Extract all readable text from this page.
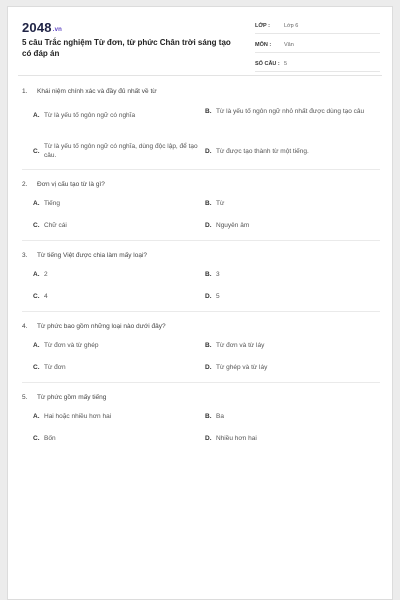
2048.vn
5 câu Trắc nghiệm Từ đơn, từ phức Chân trời sáng tạo có đáp án
LỚP :	Lớp 6
MÔN :	Văn
SỐ CÂU : 5
1.	Khái niệm chính xác và đầy đủ nhất về từ
A. Từ là yếu tố ngôn ngữ có nghĩa
B. Từ là yếu tố ngôn ngữ nhỏ nhất được dùng tạo câu
C.
Từ là yếu tố ngôn ngữ có nghĩa, dùng độc lập, để tạo câu.
D. Từ được tạo thành từ một tiếng.
2.	Đơn vị cấu tạo từ là gì?
A. Tiếng	B. Từ
C. Chữ cái	D. Nguyên âm
3.	Từ tiếng Việt được chia làm mấy loại?
A. 2	B. 3
C. 4	D. 5
4.	Từ phức bao gồm những loại nào dưới đây?
A. Từ đơn và từ ghép	B. Từ đơn và từ láy
C. Từ đơn	D. Từ ghép và từ láy
5.	Từ phức gồm mấy tiếng
A. Hai hoặc nhiều hơn hai	B. Ba
C. Bốn	D. Nhiều hơn hai
